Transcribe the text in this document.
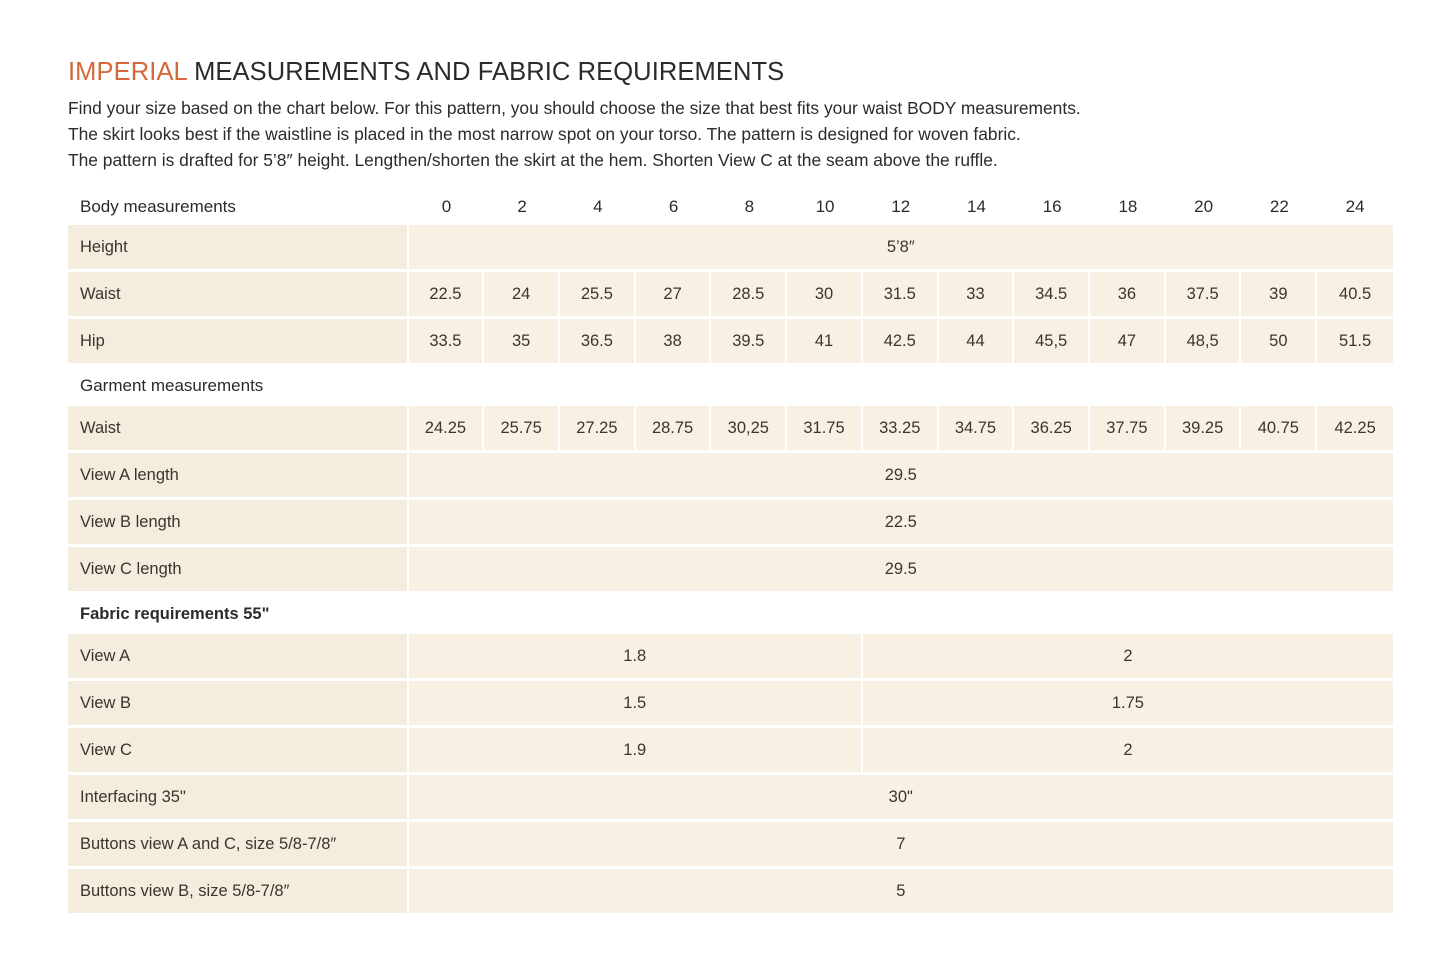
IMPERIAL MEASUREMENTS AND FABRIC REQUIREMENTS
Find your size based on the chart below. For this pattern, you should choose the size that best fits your waist BODY measurements.
The skirt looks best if the waistline is placed in the most narrow spot on your torso. The pattern is designed for woven fabric.
The pattern is drafted for 5’8″ height. Lengthen/shorten the skirt at the hem. Shorten View C at the seam above the ruffle.
Body measurements	0	2	4	6	8	10	12	14	16	18	20	22	24
Height	5’8″												
Waist	22.5	24	25.5	27	28.5	30	31.5	33	34.5	36	37.5	39	40.5
Hip	33.5	35	36.5	38	39.5	41	42.5	44	45,5	47	48,5	50	51.5
Garment measurements													
Waist	24.25	25.75	27.25	28.75	30,25	31.75	33.25	34.75	36.25	37.75	39.25	40.75	42.25
View A length	29.5												
View B length	22.5												
View C length	29.5												
Fabric requirements 55"													
View A	1.8						2						
View B	1.5						1.75						
View C	1.9						2						
Interfacing 35"	30"												
Buttons view A and C, size 5/8-7/8″	7												
Buttons view B, size 5/8-7/8″	5												
